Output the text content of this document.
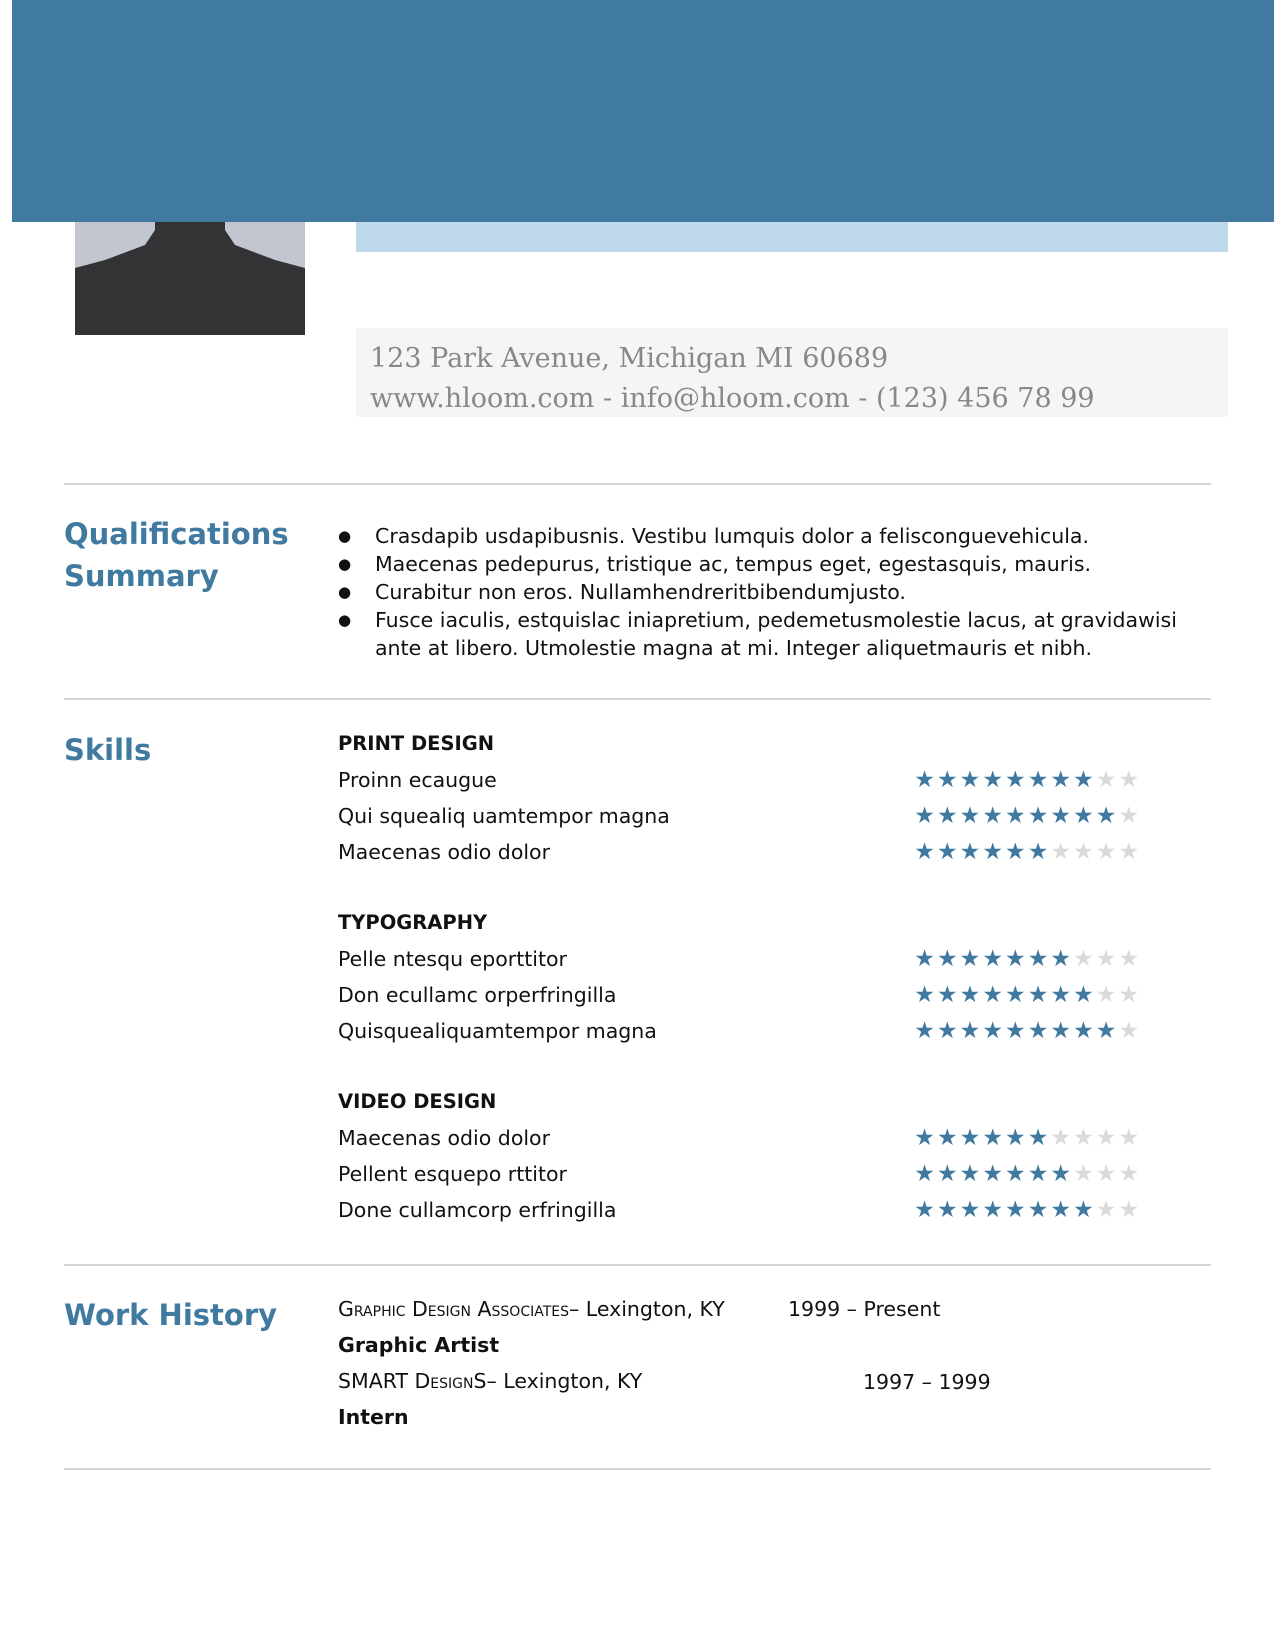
123 Park Avenue, Michigan MI 60689
www.hloom.com - info@hloom.com - (123) 456 78 99
Qualifications
Summary
● Crasdapib usdapibusnis. Vestibu lumquis dolor a felisconguevehicula.
● Maecenas pedepurus, tristique ac, tempus eget, egestasquis, mauris.
● Curabitur non eros. Nullamhendreritbibendumjusto.
● Fusce iaculis, estquislac iniapretium, pedemetusmolestie lacus, at gravidawisi ante at libero. Utmolestie magna at mi. Integer aliquetmauris et nibh.
Skills	PRINT DESIGN
Proinn ecaugue	★ ★ ★ ★ ★ ★ ★ ★ ★ ★
Qui squealiq uamtempor magna	★ ★ ★ ★ ★ ★ ★ ★ ★ ★
Maecenas odio dolor	★ ★ ★ ★ ★ ★ ★ ★ ★ ★
TYPOGRAPHY
Pelle ntesqu eporttitor	★ ★ ★ ★ ★ ★ ★ ★ ★ ★
Don ecullamc orperfringilla	★ ★ ★ ★ ★ ★ ★ ★ ★ ★
Quisquealiquamtempor magna	★ ★ ★ ★ ★ ★ ★ ★ ★ ★
VIDEO DESIGN
Maecenas odio dolor	★ ★ ★ ★ ★ ★ ★ ★ ★ ★
Pellent esquepo rttitor	★ ★ ★ ★ ★ ★ ★ ★ ★ ★
Done cullamcorp erfringilla	★ ★ ★ ★ ★ ★ ★ ★ ★ ★
Work History	Graphic Design Associates– Lexington, KY	1999 – Present
Graphic Artist
SMART DesignS– Lexington, KY	1997 – 1999
Intern
